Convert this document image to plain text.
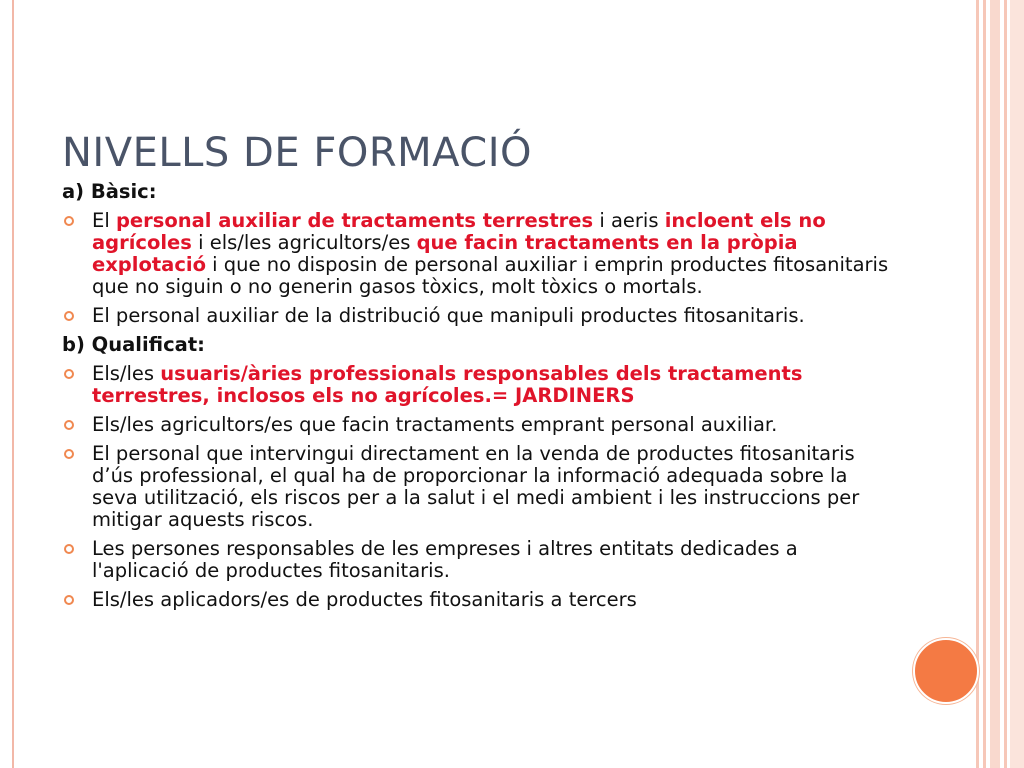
NIVELLS DE FORMACIÓ
a) Bàsic:
El personal auxiliar de tractaments terrestres i aeris incloent els no agrícoles i els/les agricultors/es que facin tractaments en la pròpia explotació i que no disposin de personal auxiliar i emprin productes fitosanitaris que no siguin o no generin gasos tòxics, molt tòxics o mortals.
El personal auxiliar de la distribució que manipuli productes fitosanitaris.
b) Qualificat:
Els/les usuaris/àries professionals responsables dels tractaments terrestres, inclosos els no agrícoles.= JARDINERS
Els/les agricultors/es que facin tractaments emprant personal auxiliar.
El personal que intervingui directament en la venda de productes fitosanitaris d’ús professional, el qual ha de proporcionar la informació adequada sobre la seva utilització, els riscos per a la salut i el medi ambient i les instruccions per mitigar aquests riscos.
Les persones responsables de les empreses i altres entitats dedicades a l'aplicació de productes fitosanitaris.
Els/les aplicadors/es de productes fitosanitaris a tercers
